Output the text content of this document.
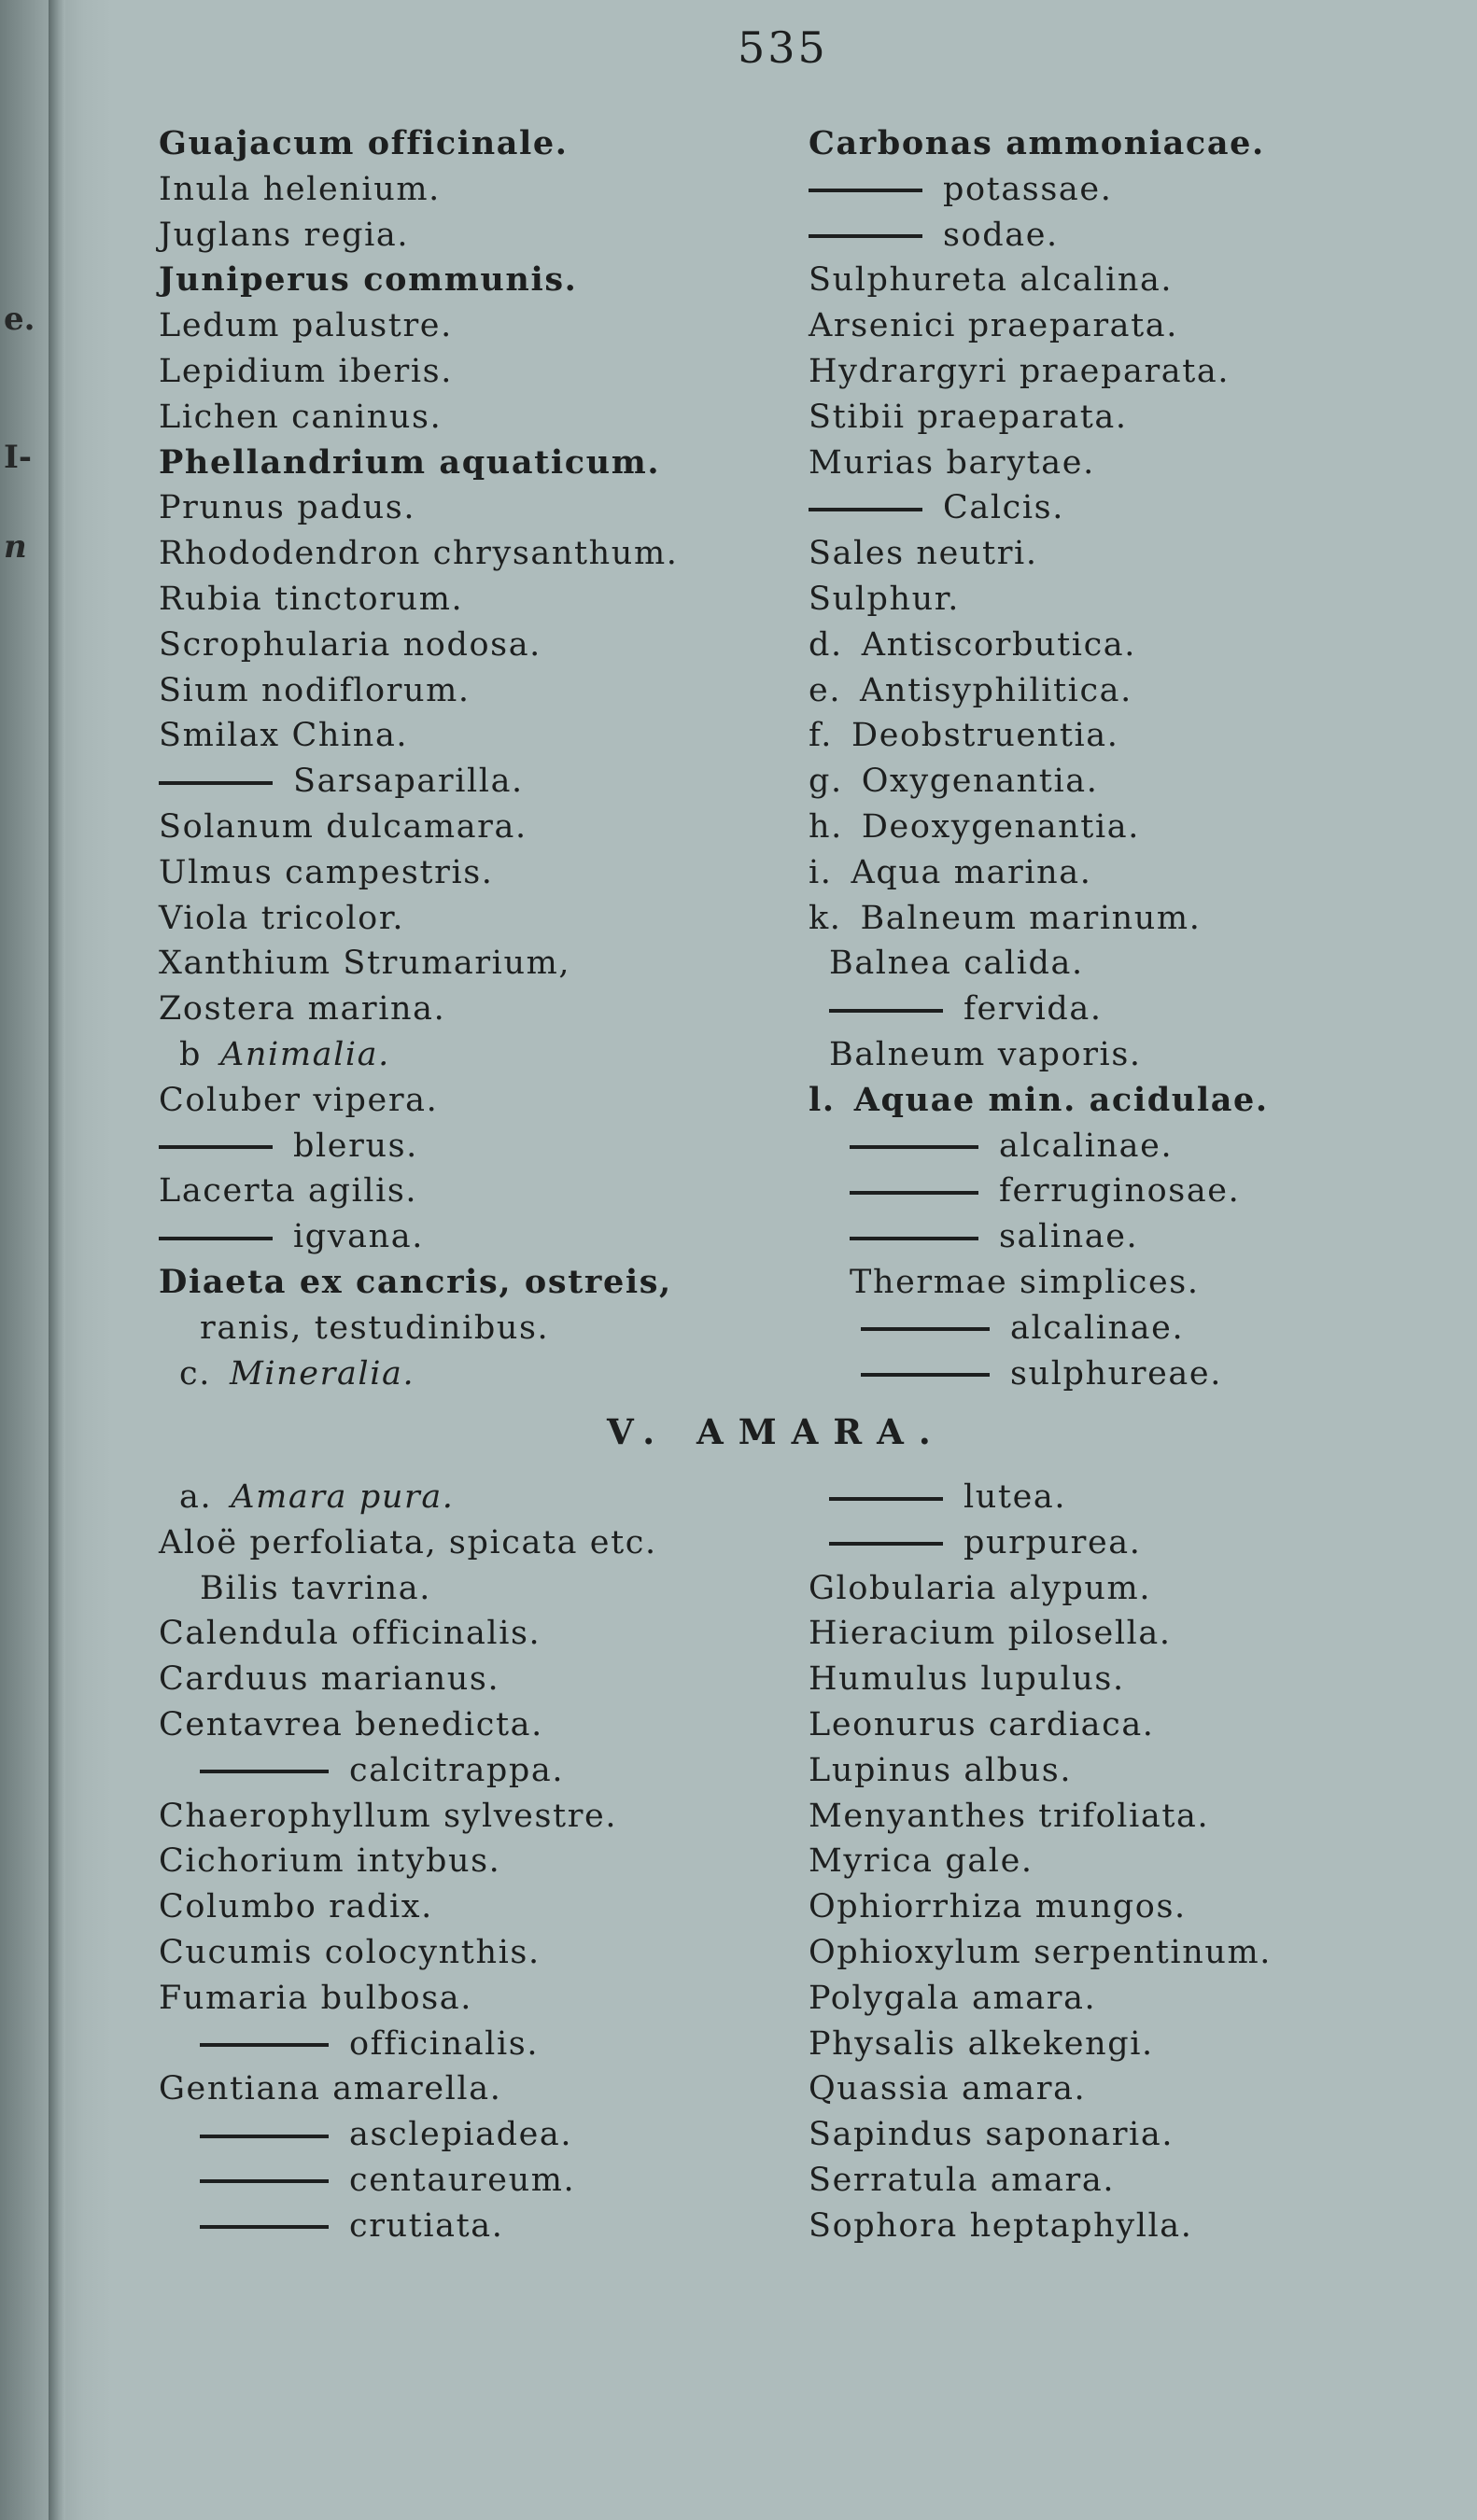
e.
I-
n
535
Guajacum officinale.
Inula helenium.
Juglans regia.
Juniperus communis.
Ledum palustre.
Lepidium iberis.
Lichen caninus.
Phellandrium aquaticum.
Prunus padus.
Rhododendron chrysanthum.
Rubia tinctorum.
Scrophularia nodosa.
Sium nodiflorum.
Smilax China.
Sarsaparilla.
Solanum dulcamara.
Ulmus campestris.
Viola tricolor.
Xanthium Strumarium,
Zostera marina.
b Animalia.
Coluber vipera.
blerus.
Lacerta agilis.
igvana.
Diaeta ex cancris, ostreis,
ranis, testudinibus.
c. Mineralia.
Carbonas ammoniacae.
potassae.
sodae.
Sulphureta alcalina.
Arsenici praeparata.
Hydrargyri praeparata.
Stibii praeparata.
Murias barytae.
Calcis.
Sales neutri.
Sulphur.
d. Antiscorbutica.
e. Antisyphilitica.
f. Deobstruentia.
g. Oxygenantia.
h. Deoxygenantia.
i. Aqua marina.
k. Balneum marinum.
Balnea calida.
fervida.
Balneum vaporis.
l. Aquae min. acidulae.
alcalinae.
ferruginosae.
salinae.
Thermae simplices.
alcalinae.
sulphureae.
V. AMARA.
a. Amara pura.
Aloë perfoliata, spicata etc.
Bilis tavrina.
Calendula officinalis.
Carduus marianus.
Centavrea benedicta.
calcitrappa.
Chaerophyllum sylvestre.
Cichorium intybus.
Columbo radix.
Cucumis colocynthis.
Fumaria bulbosa.
officinalis.
Gentiana amarella.
asclepiadea.
centaureum.
crutiata.
lutea.
purpurea.
Globularia alypum.
Hieracium pilosella.
Humulus lupulus.
Leonurus cardiaca.
Lupinus albus.
Menyanthes trifoliata.
Myrica gale.
Ophiorrhiza mungos.
Ophioxylum serpentinum.
Polygala amara.
Physalis alkekengi.
Quassia amara.
Sapindus saponaria.
Serratula amara.
Sophora heptaphylla.
